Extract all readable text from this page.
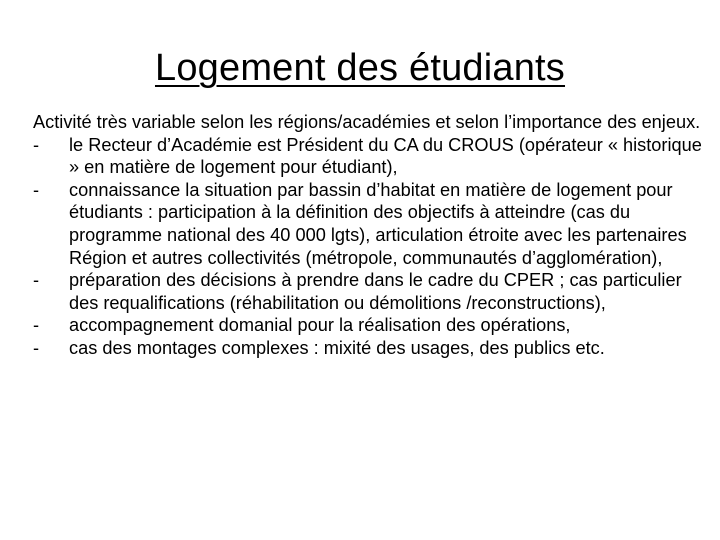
Logement des étudiants

Activité très variable selon les régions/académies et selon l’importance des enjeux.

- le Recteur d’Académie est Président du CA du CROUS (opérateur « historique » en matière de logement pour étudiant),
- connaissance la situation par bassin d’habitat en matière de logement pour étudiants : participation à la définition des objectifs à atteindre (cas du programme national des 40 000 lgts), articulation étroite avec les partenaires Région et autres collectivités (métropole, communautés d’agglomération),
- préparation des décisions à prendre dans le cadre du CPER ; cas particulier des requalifications (réhabilitation ou démolitions /reconstructions),
- accompagnement domanial pour la réalisation des opérations,
- cas des montages complexes : mixité des usages, des publics etc.
